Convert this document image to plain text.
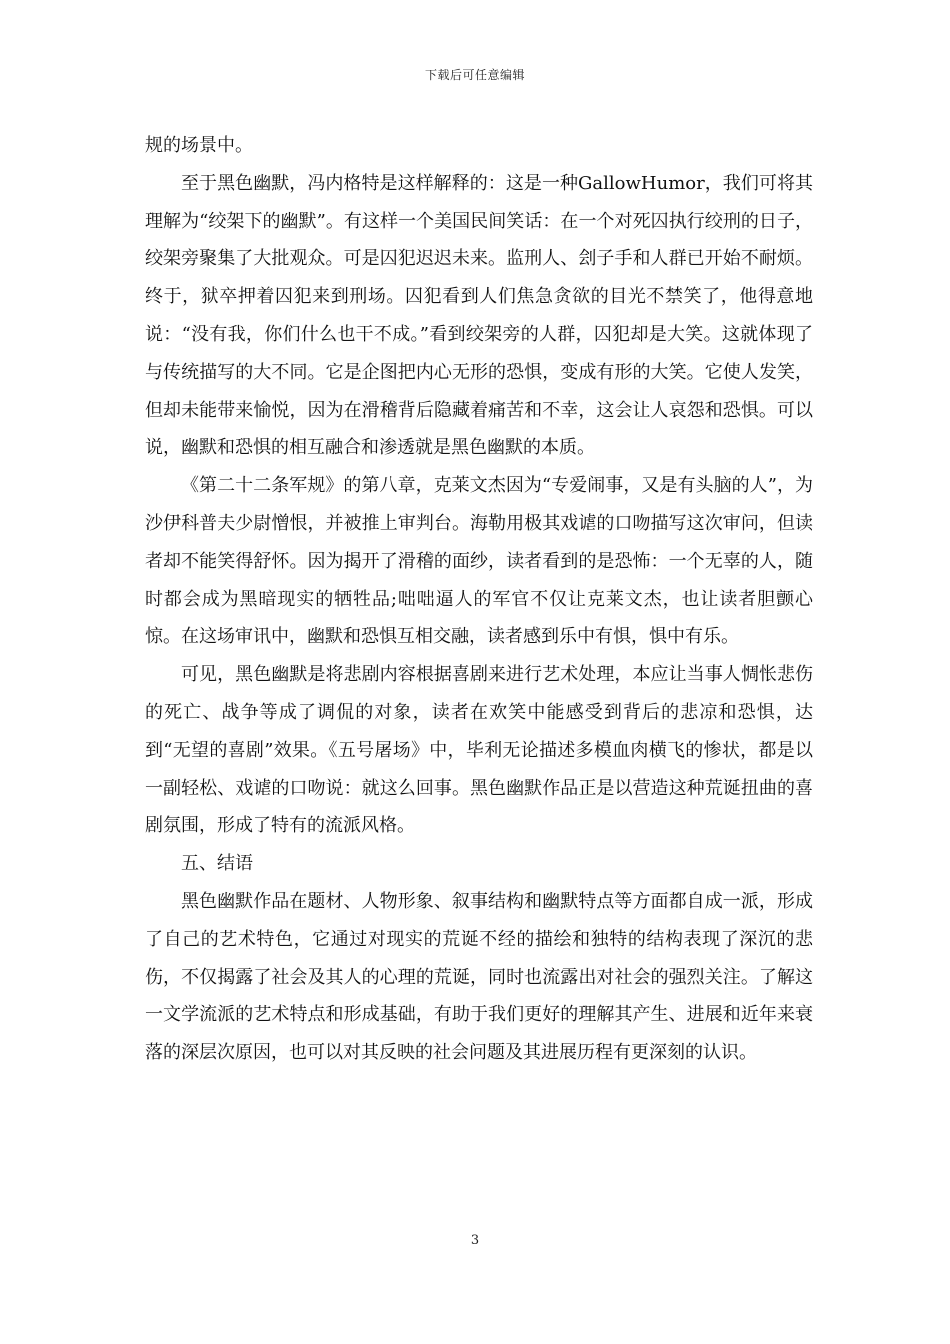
下载后可任意编辑

规的场景中。

至于黑色幽默，冯内格特是这样解释的：这是一种GallowHumor，我们可将其理解为“绞架下的幽默”。有这样一个美国民间笑话：在一个对死囚执行绞刑的日子，绞架旁聚集了大批观众。可是囚犯迟迟未来。监刑人、刽子手和人群已开始不耐烦。终于，狱卒押着囚犯来到刑场。囚犯看到人们焦急贪欲的目光不禁笑了，他得意地说：“没有我，你们什么也干不成。”看到绞架旁的人群，囚犯却是大笑。这就体现了与传统描写的大不同。它是企图把内心无形的恐惧，变成有形的大笑。它使人发笑，但却未能带来愉悦，因为在滑稽背后隐藏着痛苦和不幸，这会让人哀怨和恐惧。可以说，幽默和恐惧的相互融合和渗透就是黑色幽默的本质。

《第二十二条军规》的第八章，克莱文杰因为“专爱闹事，又是有头脑的人”，为沙伊科普夫少尉憎恨，并被推上审判台。海勒用极其戏谑的口吻描写这次审问，但读者却不能笑得舒怀。因为揭开了滑稽的面纱，读者看到的是恐怖：一个无辜的人，随时都会成为黑暗现实的牺牲品;咄咄逼人的军官不仅让克莱文杰，也让读者胆颤心惊。在这场审讯中，幽默和恐惧互相交融，读者感到乐中有惧，惧中有乐。

可见，黑色幽默是将悲剧内容根据喜剧来进行艺术处理，本应让当事人惆怅悲伤的死亡、战争等成了调侃的对象，读者在欢笑中能感受到背后的悲凉和恐惧，达到“无望的喜剧”效果。《五号屠场》中，毕利无论描述多模血肉横飞的惨状，都是以一副轻松、戏谑的口吻说：就这么回事。黑色幽默作品正是以营造这种荒诞扭曲的喜剧氛围，形成了特有的流派风格。

五、结语

黑色幽默作品在题材、人物形象、叙事结构和幽默特点等方面都自成一派，形成了自己的艺术特色，它通过对现实的荒诞不经的描绘和独特的结构表现了深沉的悲伤，不仅揭露了社会及其人的心理的荒诞，同时也流露出对社会的强烈关注。了解这一文学流派的艺术特点和形成基础，有助于我们更好的理解其产生、进展和近年来衰落的深层次原因，也可以对其反映的社会问题及其进展历程有更深刻的认识。

3
